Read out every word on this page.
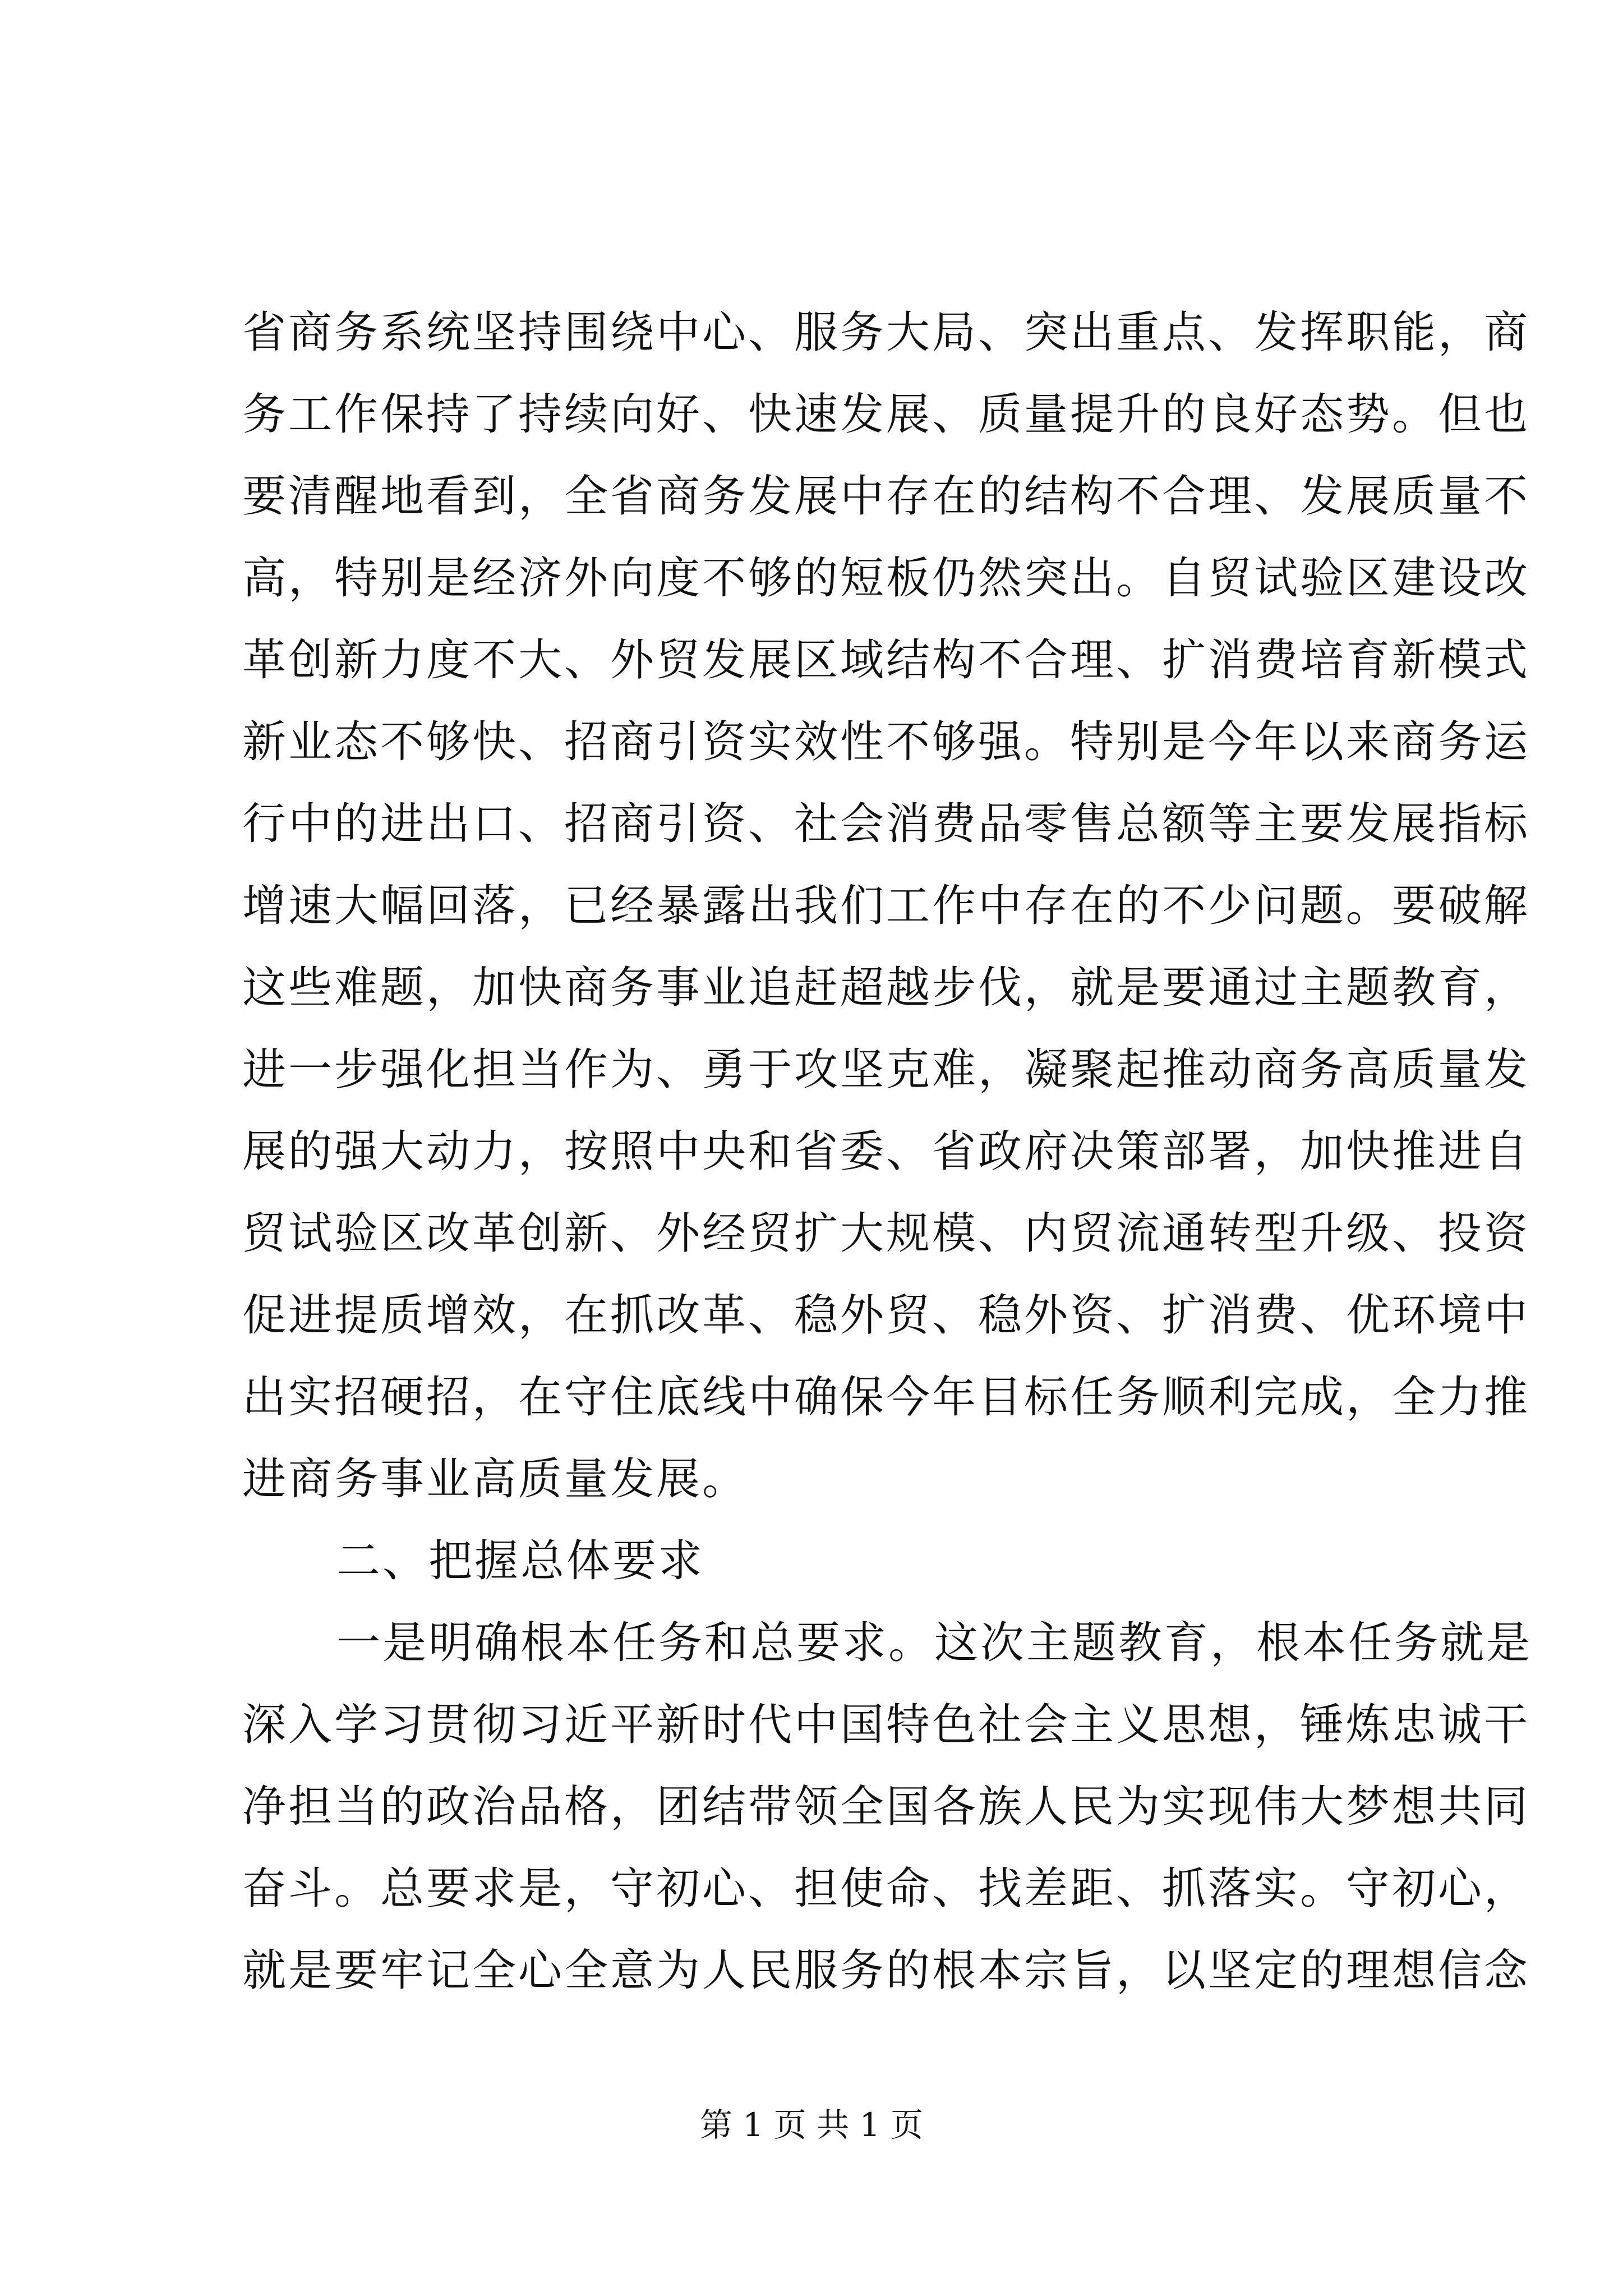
省商务系统坚持围绕中心、服务大局、突出重点、发挥职能，商
务工作保持了持续向好、快速发展、质量提升的良好态势。但也
要清醒地看到，全省商务发展中存在的结构不合理、发展质量不
高，特别是经济外向度不够的短板仍然突出。自贸试验区建设改
革创新力度不大、外贸发展区域结构不合理、扩消费培育新模式
新业态不够快、招商引资实效性不够强。特别是今年以来商务运
行中的进出口、招商引资、社会消费品零售总额等主要发展指标
增速大幅回落，已经暴露出我们工作中存在的不少问题。要破解
这些难题，加快商务事业追赶超越步伐，就是要通过主题教育，
进一步强化担当作为、勇于攻坚克难，凝聚起推动商务高质量发
展的强大动力，按照中央和省委、省政府决策部署，加快推进自
贸试验区改革创新、外经贸扩大规模、内贸流通转型升级、投资
促进提质增效，在抓改革、稳外贸、稳外资、扩消费、优环境中
出实招硬招，在守住底线中确保今年目标任务顺利完成，全力推
进商务事业高质量发展。
二、把握总体要求
一是明确根本任务和总要求。这次主题教育，根本任务就是
深入学习贯彻习近平新时代中国特色社会主义思想，锤炼忠诚干
净担当的政治品格，团结带领全国各族人民为实现伟大梦想共同
奋斗。总要求是，守初心、担使命、找差距、抓落实。守初心，
就是要牢记全心全意为人民服务的根本宗旨，以坚定的理想信念
第 1 页 共 1 页
